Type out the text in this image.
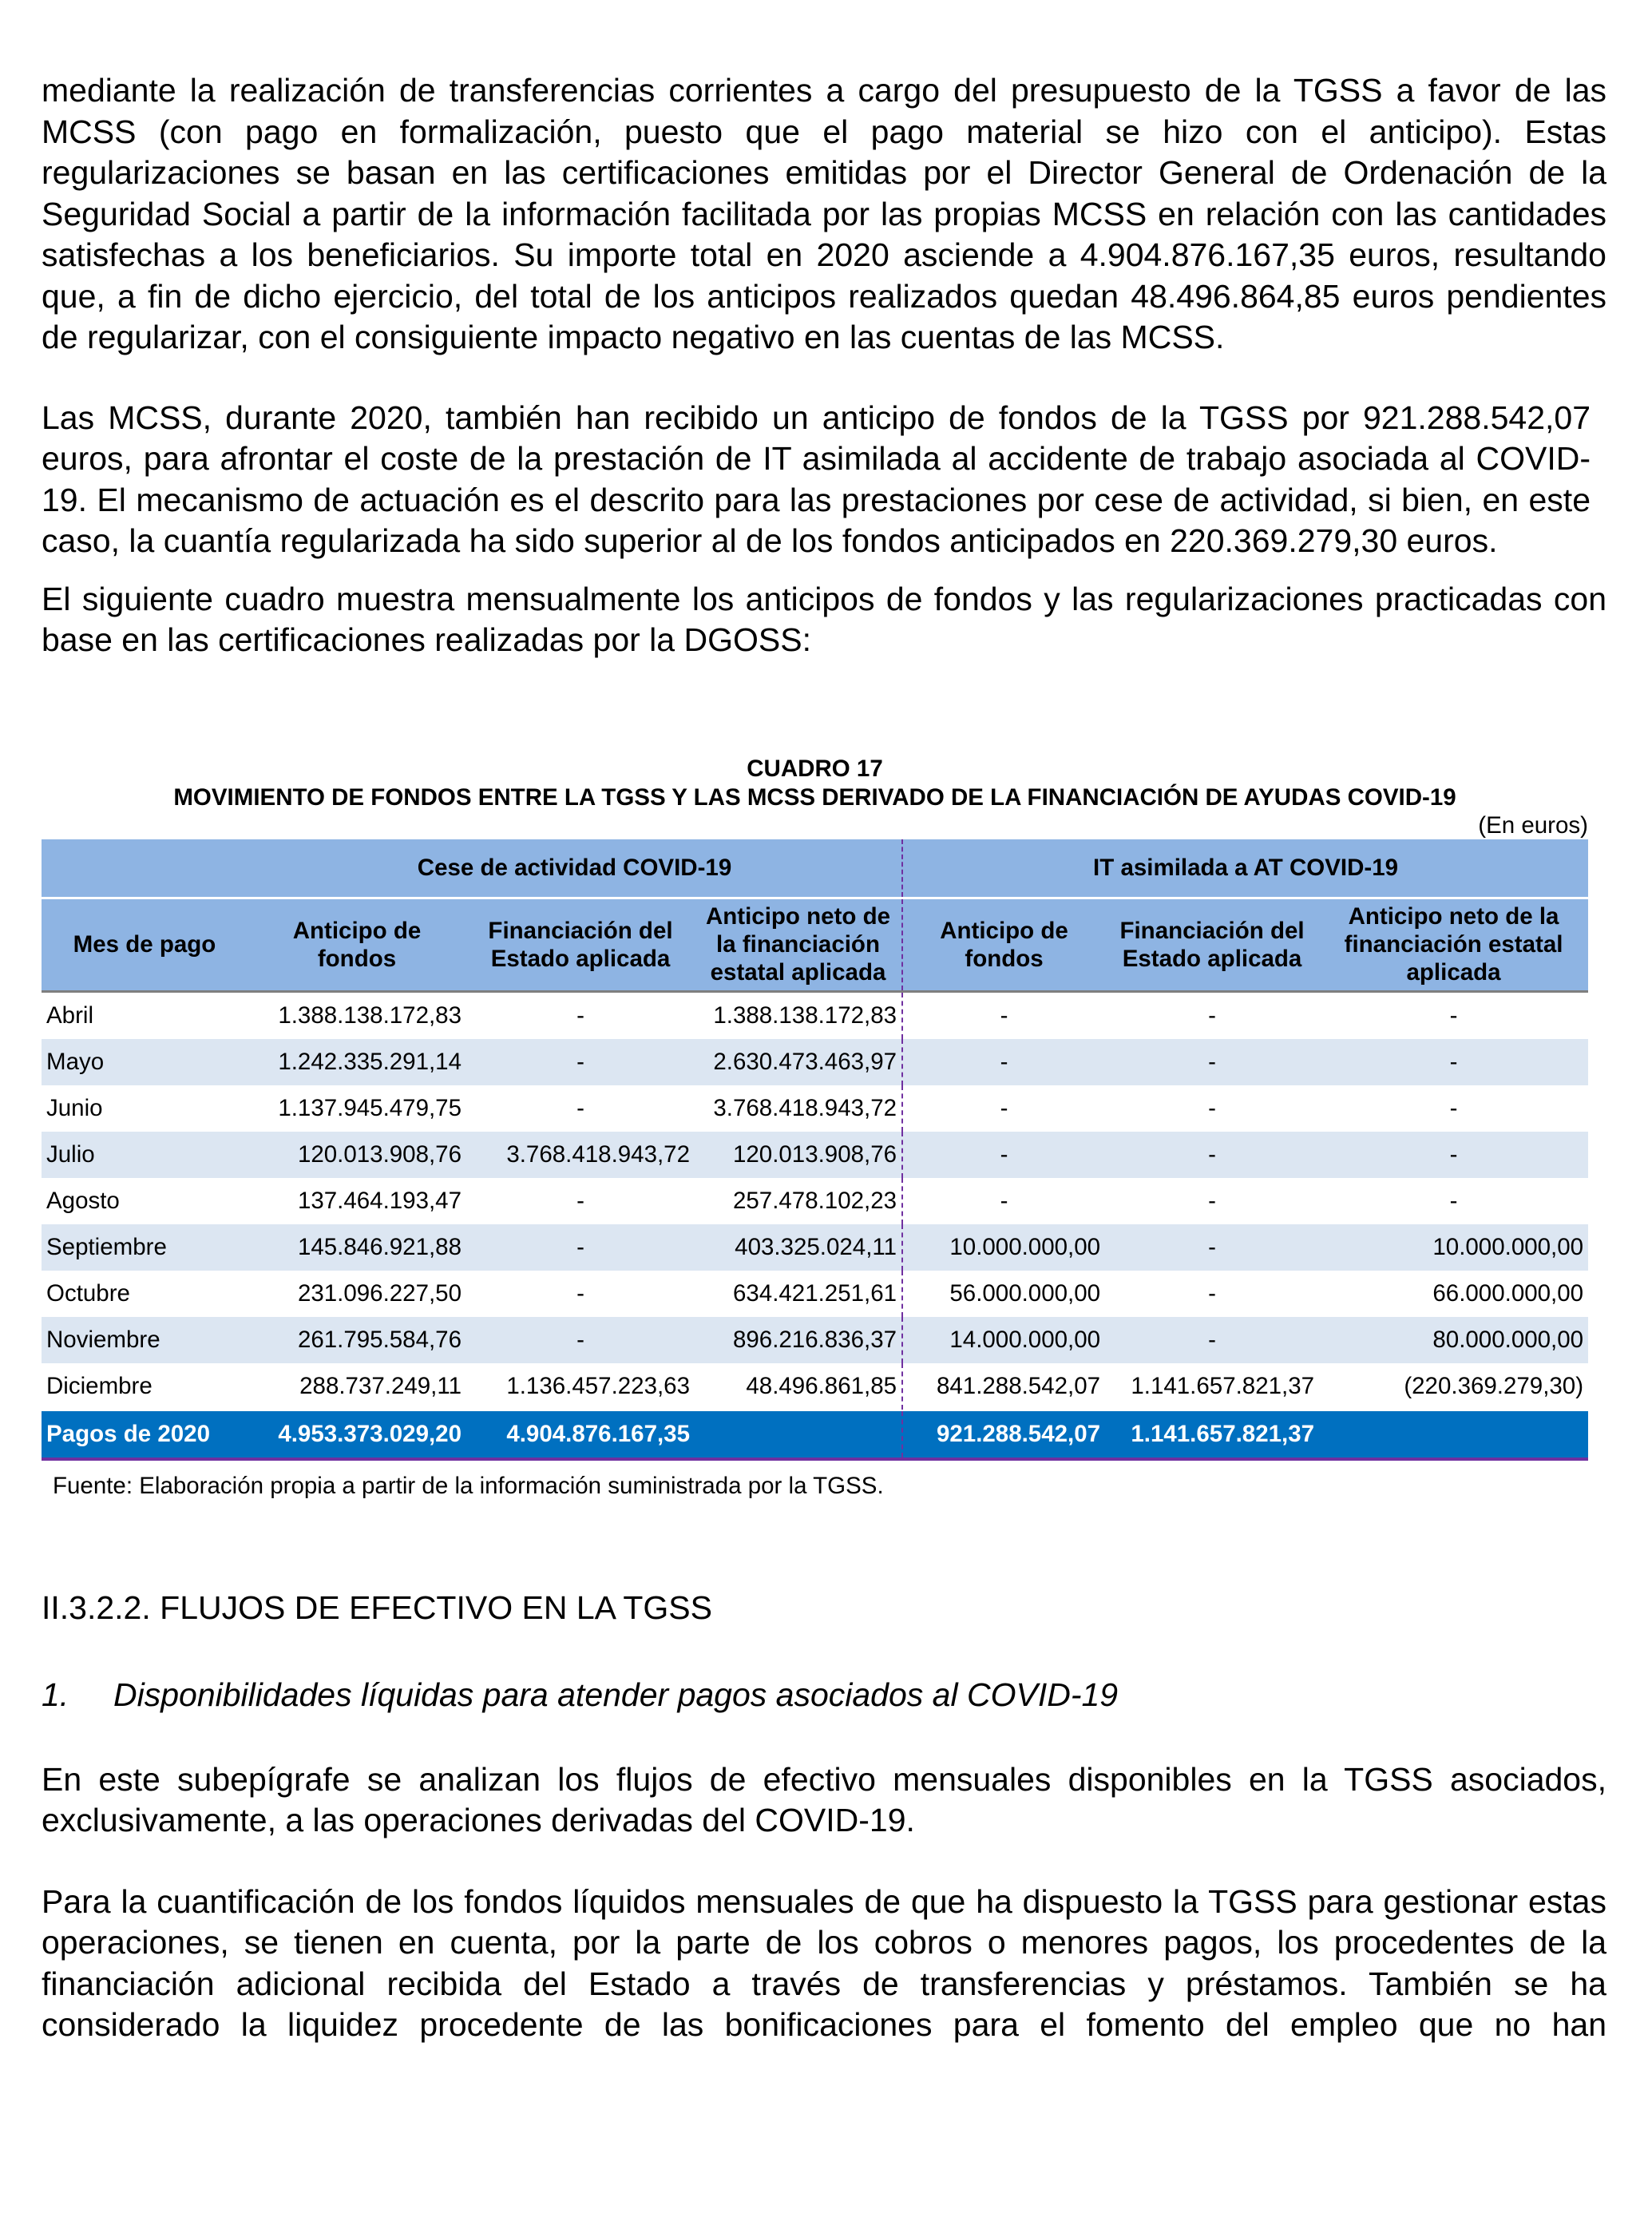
mediante la realización de transferencias corrientes a cargo del presupuesto de la TGSS a favor de las MCSS (con pago en formalización, puesto que el pago material se hizo con el anticipo). Estas regularizaciones se basan en las certificaciones emitidas por el Director General de Ordenación de la Seguridad Social a partir de la información facilitada por las propias MCSS en relación con las cantidades satisfechas a los beneficiarios. Su importe total en 2020 asciende a 4.904.876.167,35 euros, resultando que, a fin de dicho ejercicio, del total de los anticipos realizados quedan 48.496.864,85 euros pendientes de regularizar, con el consiguiente impacto negativo en las cuentas de las MCSS.

Las MCSS, durante 2020, también han recibido un anticipo de fondos de la TGSS por 921.288.542,07 euros, para afrontar el coste de la prestación de IT asimilada al accidente de trabajo asociada al COVID-19. El mecanismo de actuación es el descrito para las prestaciones por cese de actividad, si bien, en este caso, la cuantía regularizada ha sido superior al de los fondos anticipados en 220.369.279,30 euros.

El siguiente cuadro muestra mensualmente los anticipos de fondos y las regularizaciones practicadas con base en las certificaciones realizadas por la DGOSS:

CUADRO 17
MOVIMIENTO DE FONDOS ENTRE LA TGSS Y LAS MCSS DERIVADO DE LA FINANCIACIÓN DE AYUDAS COVID-19
(En euros)
	Cese de actividad COVID-19			IT asimilada a AT COVID-19		
Mes de pago	Anticipo de fondos	Financiación del Estado aplicada	Anticipo neto de la financiación estatal aplicada	Anticipo de fondos	Financiación del Estado aplicada	Anticipo neto de la financiación estatal aplicada
Abril	1.388.138.172,83	-	1.388.138.172,83	-	-	-
Mayo	1.242.335.291,14	-	2.630.473.463,97	-	-	-
Junio	1.137.945.479,75	-	3.768.418.943,72	-	-	-
Julio	120.013.908,76	3.768.418.943,72	120.013.908,76	-	-	-
Agosto	137.464.193,47	-	257.478.102,23	-	-	-
Septiembre	145.846.921,88	-	403.325.024,11	10.000.000,00	-	10.000.000,00
Octubre	231.096.227,50	-	634.421.251,61	56.000.000,00	-	66.000.000,00
Noviembre	261.795.584,76	-	896.216.836,37	14.000.000,00	-	80.000.000,00
Diciembre	288.737.249,11	1.136.457.223,63	48.496.861,85	841.288.542,07	1.141.657.821,37	(220.369.279,30)
Pagos de 2020	4.953.373.029,20	4.904.876.167,35		921.288.542,07	1.141.657.821,37	
Fuente: Elaboración propia a partir de la información suministrada por la TGSS.
II.3.2.2. FLUJOS DE EFECTIVO EN LA TGSS
1. Disponibilidades líquidas para atender pagos asociados al COVID-19

En este subepígrafe se analizan los flujos de efectivo mensuales disponibles en la TGSS asociados, exclusivamente, a las operaciones derivadas del COVID-19.

Para la cuantificación de los fondos líquidos mensuales de que ha dispuesto la TGSS para gestionar estas operaciones, se tienen en cuenta, por la parte de los cobros o menores pagos, los procedentes de la financiación adicional recibida del Estado a través de transferencias y préstamos. También se ha considerado la liquidez procedente de las bonificaciones para el fomento del empleo que no han
